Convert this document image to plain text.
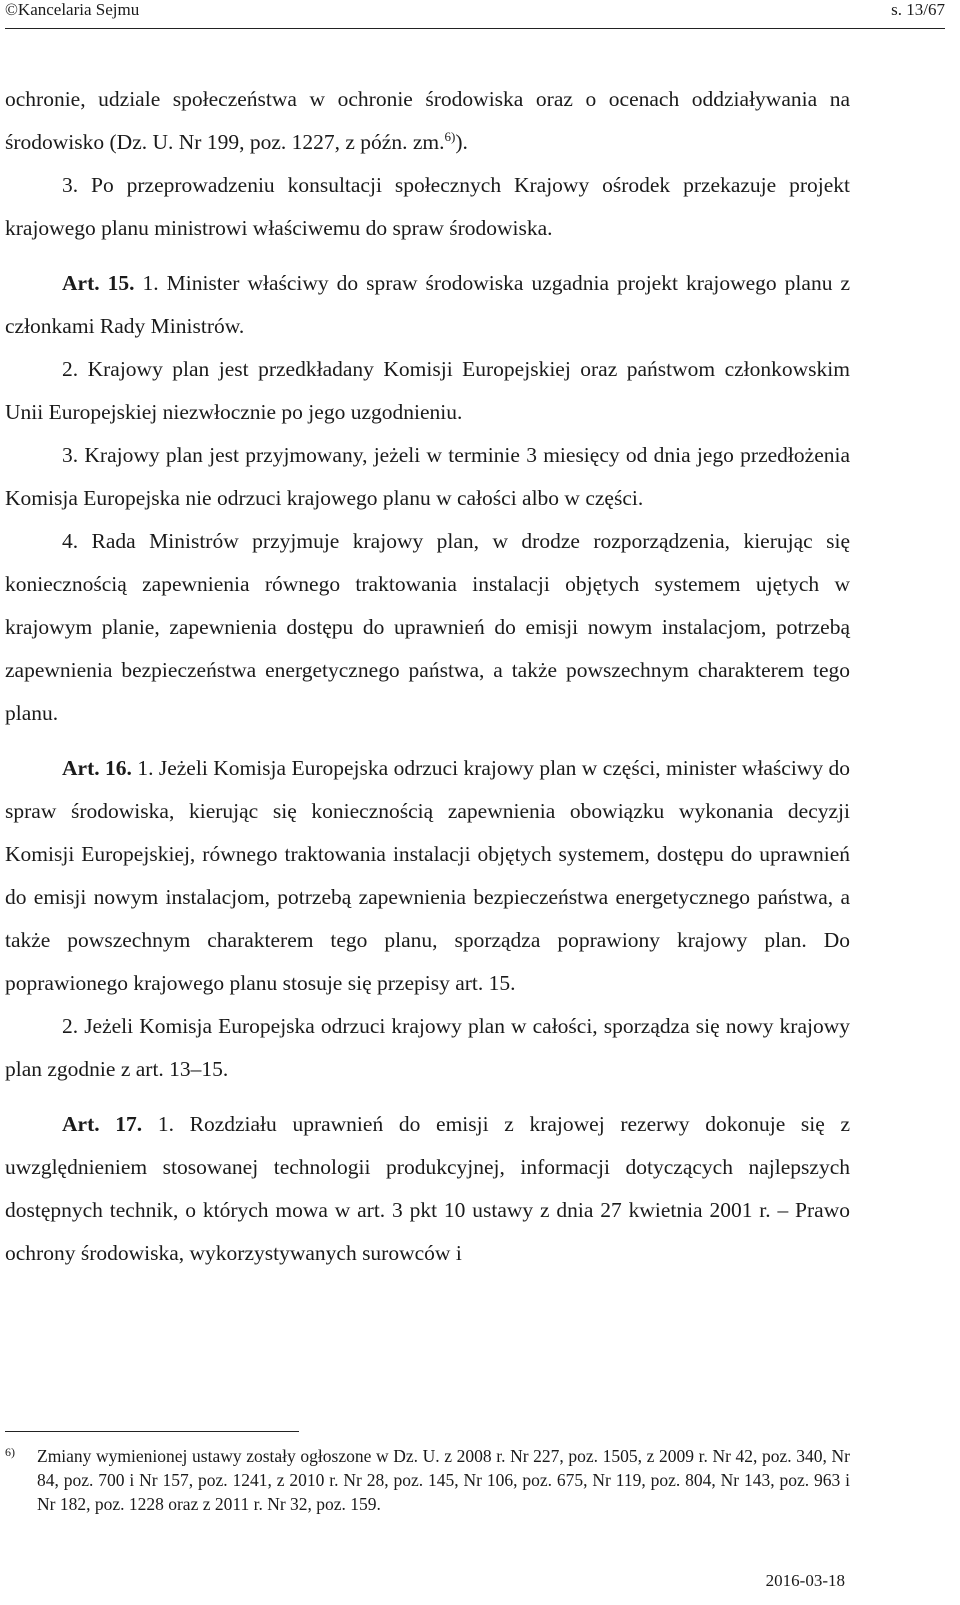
©Kancelaria Sejmu	s. 13/67

ochronie, udziale społeczeństwa w ochronie środowiska oraz o ocenach oddziaływania na środowisko (Dz. U. Nr 199, poz. 1227, z późn. zm.$^{6)}$).

3. Po przeprowadzeniu konsultacji społecznych Krajowy ośrodek przekazuje projekt krajowego planu ministrowi właściwemu do spraw środowiska.

Art. 15. 1. Minister właściwy do spraw środowiska uzgadnia projekt krajowego planu z członkami Rady Ministrów.

2. Krajowy plan jest przedkładany Komisji Europejskiej oraz państwom członkowskim Unii Europejskiej niezwłocznie po jego uzgodnieniu.

3. Krajowy plan jest przyjmowany, jeżeli w terminie 3 miesięcy od dnia jego przedłożenia Komisja Europejska nie odrzuci krajowego planu w całości albo w części.

4. Rada Ministrów przyjmuje krajowy plan, w drodze rozporządzenia, kierując się koniecznością zapewnienia równego traktowania instalacji objętych systemem ujętych w krajowym planie, zapewnienia dostępu do uprawnień do emisji nowym instalacjom, potrzebą zapewnienia bezpieczeństwa energetycznego państwa, a także powszechnym charakterem tego planu.

Art. 16. 1. Jeżeli Komisja Europejska odrzuci krajowy plan w części, minister właściwy do spraw środowiska, kierując się koniecznością zapewnienia obowiązku wykonania decyzji Komisji Europejskiej, równego traktowania instalacji objętych systemem, dostępu do uprawnień do emisji nowym instalacjom, potrzebą zapewnienia bezpieczeństwa energetycznego państwa, a także powszechnym charakterem tego planu, sporządza poprawiony krajowy plan. Do poprawionego krajowego planu stosuje się przepisy art. 15.

2. Jeżeli Komisja Europejska odrzuci krajowy plan w całości, sporządza się nowy krajowy plan zgodnie z art. 13–15.

Art. 17. 1. Rozdziału uprawnień do emisji z krajowej rezerwy dokonuje się z uwzględnieniem stosowanej technologii produkcyjnej, informacji dotyczących najlepszych dostępnych technik, o których mowa w art. 3 pkt 10 ustawy z dnia 27 kwietnia 2001 r. – Prawo ochrony środowiska, wykorzystywanych surowców i

6)	Zmiany wymienionej ustawy zostały ogłoszone w Dz. U. z 2008 r. Nr 227, poz. 1505, z 2009 r. Nr 42, poz. 340, Nr 84, poz. 700 i Nr 157, poz. 1241, z 2010 r. Nr 28, poz. 145, Nr 106, poz. 675, Nr 119, poz. 804, Nr 143, poz. 963 i Nr 182, poz. 1228 oraz z 2011 r. Nr 32, poz. 159.
2016-03-18
